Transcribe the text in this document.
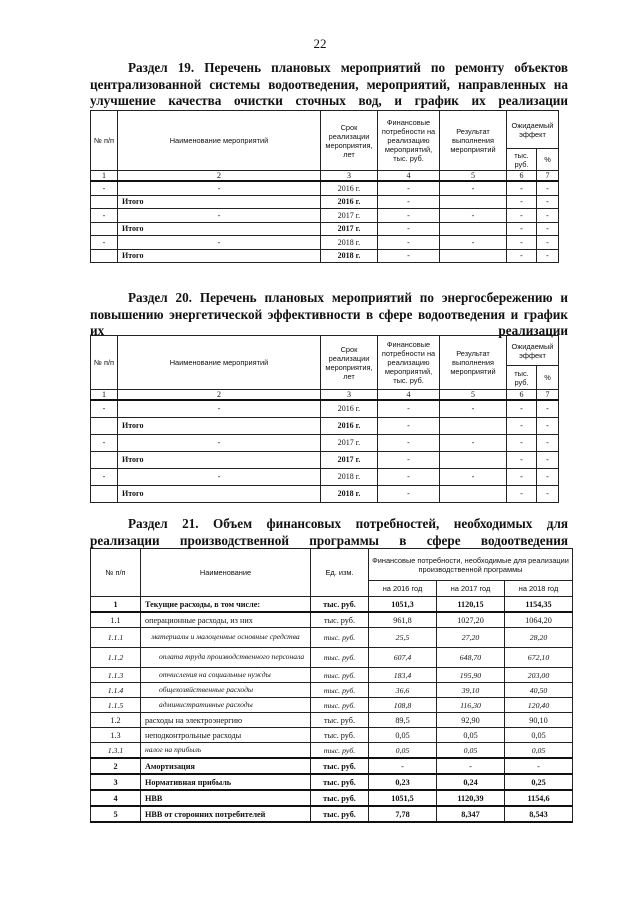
22

Раздел 19. Перечень плановых мероприятий по ремонту объектов централизованной системы водоотведения, мероприятий, направленных на улучшение качества очистки сточных вод, и график их реализации

№ п/п	Наименование мероприятий	Срок реализации мероприятия, лет	Финансовые потребности на реализацию мероприятий, тыс. руб.	Результат выполнения мероприятий	Ожидаемый эффект	
					тыс. руб.	%
1	2	3	4	5	6	7
-	-	2016 г.	-	-	-	-
	Итого	2016 г.	-		-	-
-	-	2017 г.	-	-	-	-
	Итого	2017 г.	-		-	-
-	-	2018 г.	-	-	-	-
	Итого	2018 г.	-		-	-

Раздел 20. Перечень плановых мероприятий по энергосбережению и повышению энергетической эффективности в сфере водоотведения и график их реализации

№ п/п	Наименование мероприятий	Срок реализации мероприятия, лет	Финансовые потребности на реализацию мероприятий, тыс. руб.	Результат выполнения мероприятий	Ожидаемый эффект	
					тыс. руб.	%
1	2	3	4	5	6	7
-	-	2016 г.	-	-	-	-
	Итого	2016 г.	-		-	-
-	-	2017 г.	-	-	-	-
	Итого	2017 г.	-		-	-
-	-	2018 г.	-	-	-	-
	Итого	2018 г.	-		-	-

Раздел 21. Объем финансовых потребностей, необходимых для реализации производственной программы в сфере водоотведения

№ п/п	Наименование	Ед. изм.	Финансовые потребности, необходимые для реализации производственной программы		
			на 2016 год	на 2017 год	на 2018 год
1	Текущие расходы, в том числе:	тыс. руб.	1051,3	1120,15	1154,35
1.1	операционные расходы, из них	тыс. руб.	961,8	1027,20	1064,20
1.1.1	материалы и малоценные основные средства	тыс. руб.	25,5	27,20	28,20
1.1.2	оплата труда производственного персонала	тыс. руб.	607,4	648,70	672,10
1.1.3	отчисления на социальные нужды	тыс. руб.	183,4	195,90	203,00
1.1.4	общехозяйственные расходы	тыс. руб.	36,6	39,10	40,50
1.1.5	административные расходы	тыс. руб.	108,8	116,30	120,40
1.2	расходы на электроэнергию	тыс. руб.	89,5	92,90	90,10
1.3	неподконтрольные расходы	тыс. руб.	0,05	0,05	0,05
1.3.1	налог на прибыль	тыс. руб.	0,05	0,05	0,05
2	Амортизация	тыс. руб.	-	-	-
3	Нормативная прибыль	тыс. руб.	0,23	0,24	0,25
4	НВВ	тыс. руб.	1051,5	1120,39	1154,6
5	НВВ от сторонних потребителей	тыс. руб.	7,78	8,347	8,543
